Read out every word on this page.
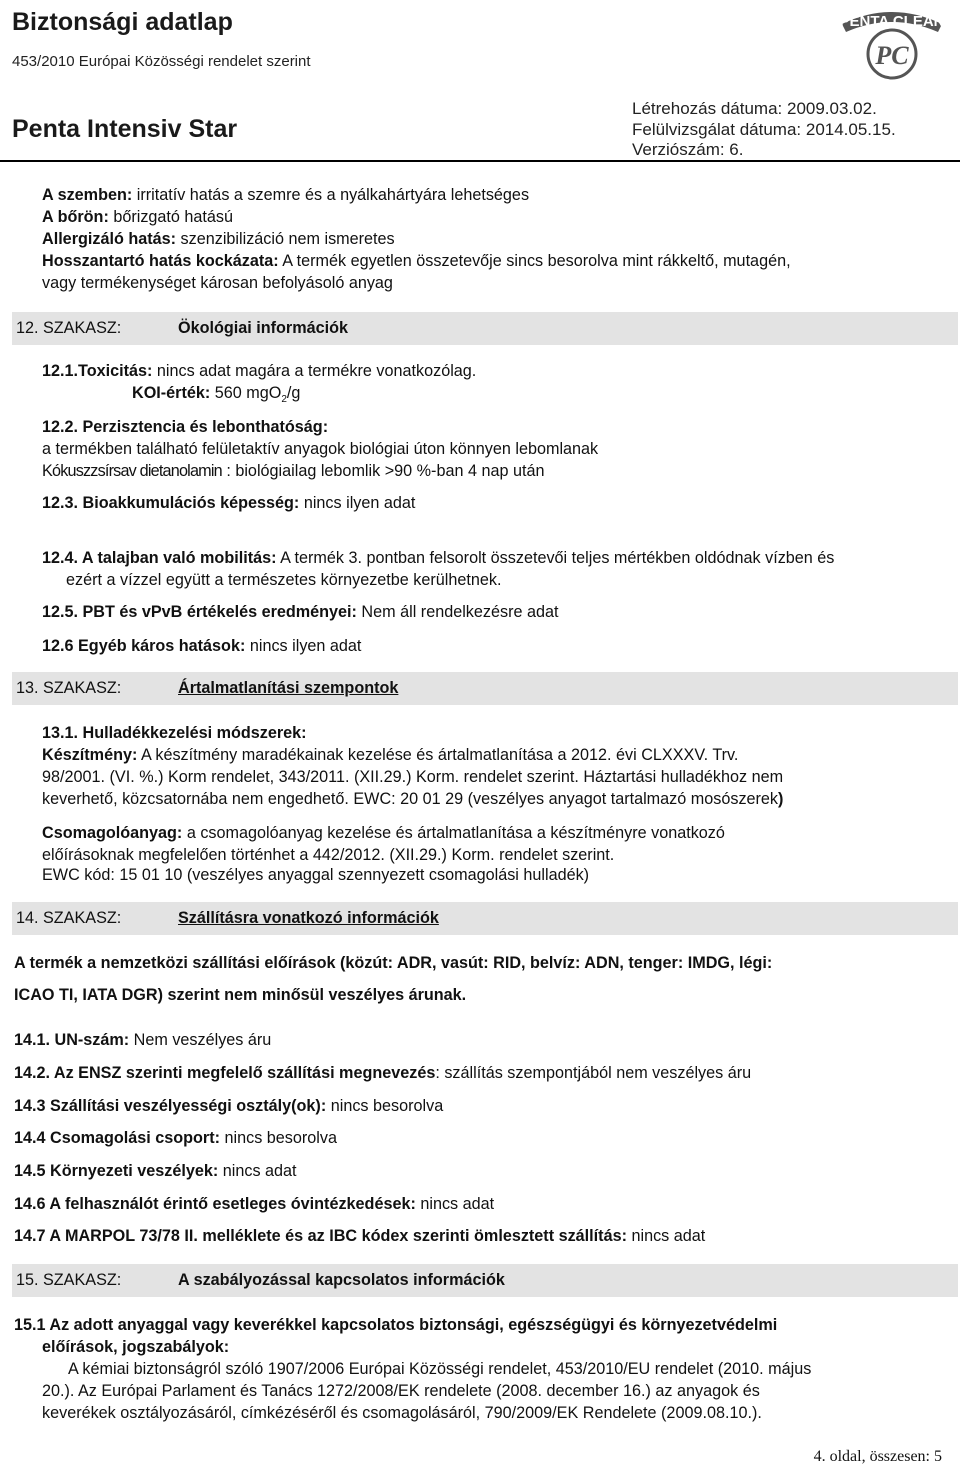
Biztonsági adatlap
453/2010 Európai Közösségi rendelet szerint
Penta Intensiv Star
Létrehozás dátuma: 2009.03.02.
Felülvizsgálat dátuma: 2014.05.15.
Verziószám: 6.
PENTA CLEAN
PC
A szemben: irritatív hatás a szemre és a nyálkahártyára lehetséges
A bőrön: bőrizgató hatású
Allergizáló hatás: szenzibilizáció nem ismeretes
Hosszantartó hatás kockázata: A termék egyetlen összetevője sincs besorolva mint rákkeltő, mutagén,
vagy termékenységet károsan befolyásoló anyag
12. SZAKASZ:	Ökológiai információk
12.1.Toxicitás: nincs adat magára a termékre vonatkozólag.
KOI-érték: 560 mgO$_2$/g
12.2. Perzisztencia és lebonthatóság:
a termékben található felületaktív anyagok biológiai úton könnyen lebomlanak
Kókuszzsírsav dietanolamin : biológiailag lebomlik >90 %-ban 4 nap után
12.3. Bioakkumulációs képesség: nincs ilyen adat
12.4. A talajban való mobilitás: A termék 3. pontban felsorolt összetevői teljes mértékben oldódnak vízben és
ezért a vízzel együtt a természetes környezetbe kerülhetnek.
12.5. PBT és vPvB értékelés eredményei: Nem áll rendelkezésre adat
12.6 Egyéb káros hatások: nincs ilyen adat
13. SZAKASZ:	Ártalmatlanítási szempontok
13.1. Hulladékkezelési módszerek:
Készítmény: A készítmény maradékainak kezelése és ártalmatlanítása a 2012. évi CLXXXV. Trv.
98/2001. (VI. %.) Korm rendelet, 343/2011. (XII.29.) Korm. rendelet szerint. Háztartási hulladékhoz nem
keverhető, közcsatornába nem engedhető. EWC: 20 01 29 (veszélyes anyagot tartalmazó mosószerek)
Csomagolóanyag: a csomagolóanyag kezelése és ártalmatlanítása a készítményre vonatkozó
előírásoknak megfelelően történhet a 442/2012. (XII.29.) Korm. rendelet szerint.
EWC kód: 15 01 10 (veszélyes anyaggal szennyezett csomagolási hulladék)
14. SZAKASZ:	Szállításra vonatkozó információk
A termék a nemzetközi szállítási előírások (közút: ADR, vasút: RID, belvíz: ADN, tenger: IMDG, légi:
ICAO TI, IATA DGR) szerint nem minősül veszélyes árunak.
14.1. UN-szám: Nem veszélyes áru
14.2. Az ENSZ szerinti megfelelő szállítási megnevezés: szállítás szempontjából nem veszélyes áru
14.3 Szállítási veszélyességi osztály(ok): nincs besorolva
14.4 Csomagolási csoport: nincs besorolva
14.5 Környezeti veszélyek: nincs adat
14.6 A felhasználót érintő esetleges óvintézkedések: nincs adat
14.7 A MARPOL 73/78 II. melléklete és az IBC kódex szerinti ömlesztett szállítás: nincs adat
15. SZAKASZ:	A szabályozással kapcsolatos információk
15.1 Az adott anyaggal vagy keverékkel kapcsolatos biztonsági, egészségügyi és környezetvédelmi
előírások, jogszabályok:
A kémiai biztonságról szóló 1907/2006 Európai Közösségi rendelet, 453/2010/EU rendelet (2010. május
20.). Az Európai Parlament és Tanács 1272/2008/EK rendelete (2008. december 16.) az anyagok és
keverékek osztályozásáról, címkézéséről és csomagolásáról, 790/2009/EK Rendelete (2009.08.10.).
4. oldal, összesen: 5
